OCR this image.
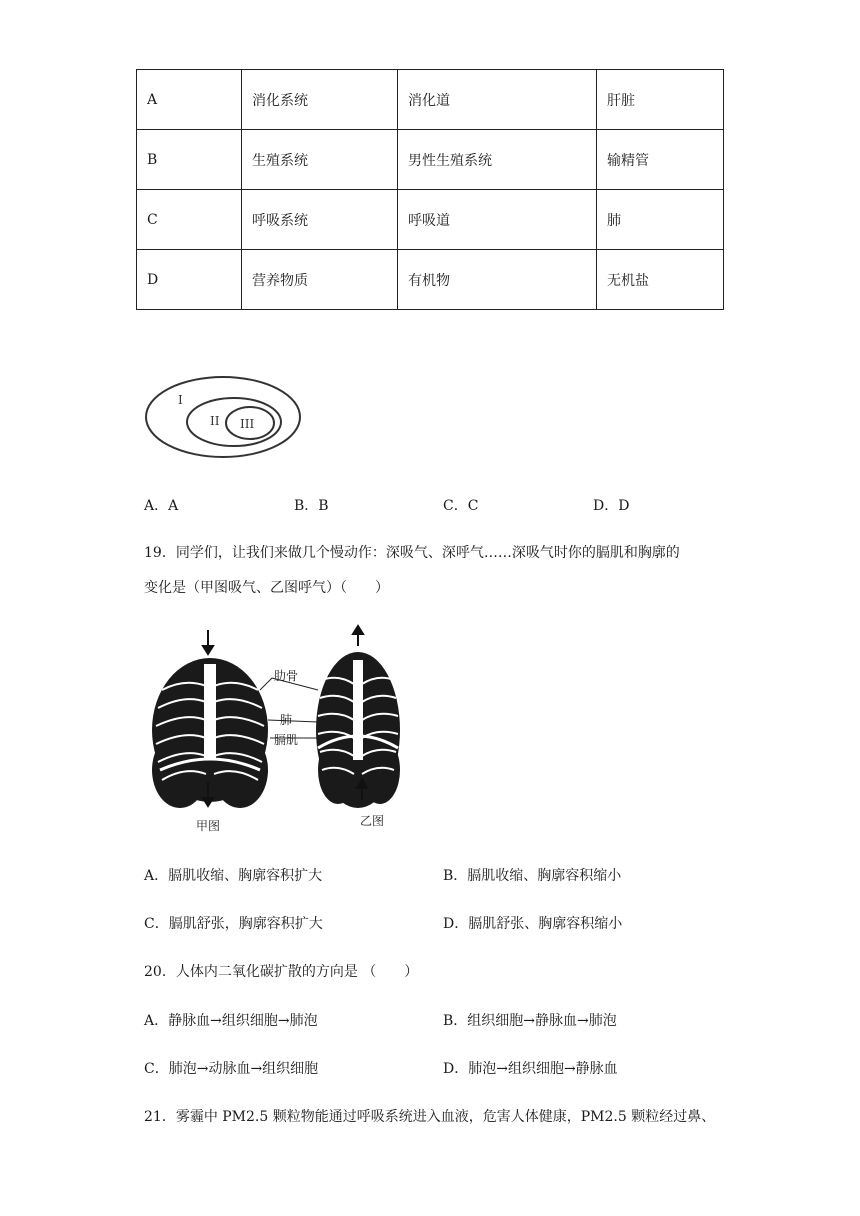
A	消化系统	消化道	肝脏
B	生殖系统	男性生殖系统	输精管
C	呼吸系统	呼吸道	肺
D	营养物质	有机物	无机盐
I
II III
A．A	B．B	C．C	D．D
19．同学们，让我们来做几个慢动作：深吸气、深呼气……深吸气时你的膈肌和胸廓的
变化是（甲图吸气、乙图呼气）（　　）
肋骨
肺
膈肌
甲图	乙图
A．膈肌收缩、胸廓容积扩大	B．膈肌收缩、胸廓容积缩小
C．膈肌舒张，胸廓容积扩大	D．膈肌舒张、胸廓容积缩小
20．人体内二氧化碳扩散的方向是 （　　）
A．静脉血→组织细胞→肺泡	B．组织细胞→静脉血→肺泡
C．肺泡→动脉血→组织细胞	D．肺泡→组织细胞→静脉血
21．雾霾中 PM2.5 颗粒物能通过呼吸系统进入血液，危害人体健康，PM2.5 颗粒经过鼻、
